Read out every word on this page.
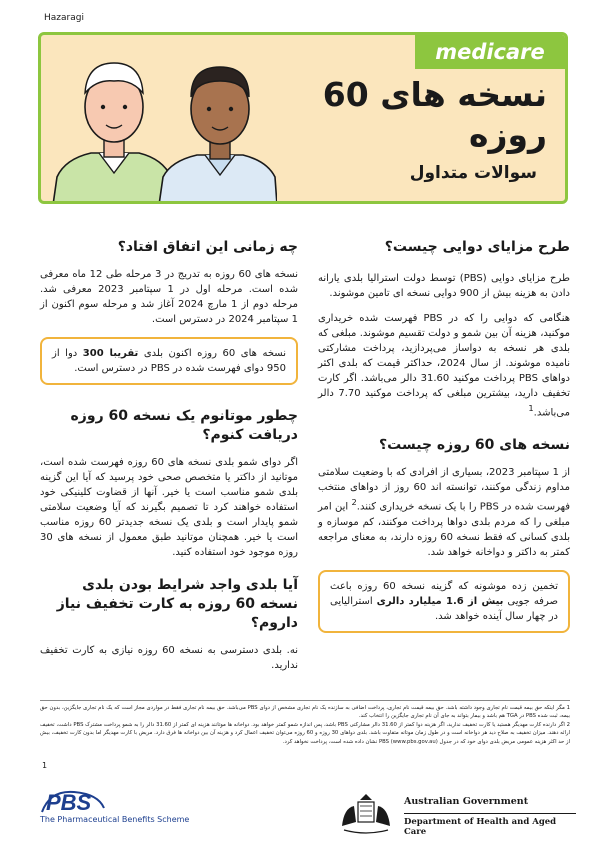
Hazaragi
medicare
نسخه های 60 روزه
سوالات متداول
چه زمانی این اتفاق افتاد؟

نسخه های 60 روزه به تدریج در 3 مرحله طی 12 ماه معرفی شده است. مرحله اول در 1 سپتامبر 2023 معرفی شد. مرحله دوم از 1 مارچ 2024 آغاز شد و مرحله سوم اکنون از 1 سپتامبر 2024 در دسترس است.

نسخه های 60 روزه اکنون بلدی تقریبا 300 دوا از 950 دوای فهرست شده در PBS در دسترس است.
چطور موتانوم یک نسخه 60 روزه دریافت کنوم؟

اگر دوای شمو بلدی نسخه های 60 روزه فهرست شده است، موتانید از داکتر یا متخصص صحی خود پرسید که آیا این گزینه بلدی شمو مناسب است یا خیر. آنها از قضاوت کلینیکی خود استفاده خواهند کرد تا تصمیم بگیرند که آیا وضعیت سلامتی شمو پایدار است و بلدی یک نسخه جدیدتر 60 روزه مناسب است یا خیر. همچنان موتانید طبق معمول از نسخه های 30 روزه موجود خود استفاده کنید.

آیا بلدی واجد شرایط بودن بلدی نسخه 60 روزه به کارت تخفیف نیاز داروم؟

نه. بلدی دسترسی به نسخه 60 روزه نیازی به کارت تخفیف ندارید.

طرح مزایای دوایی چیست؟

طرح مزایای دوایی (PBS) توسط دولت استرالیا بلدی یارانه دادن به هزینه بیش از 900 دوایی نسخه ای تامین موشوند.

هنگامی که دوایی را که در PBS فهرست شده خریداری موکنید، هزینه آن بین شمو و دولت تقسیم موشوند. مبلغی که بلدی هر نسخه به دواساز می‌پردازید، پرداخت مشارکتی نامیده موشوند. از سال 2024، حداکثر قیمت که بلدی اکثر دواهای PBS پرداخت موکنید 31.60 دالر می‌باشد. اگر کارت تخفیف دارید، بیشترین مبلغی که پرداخت موکنید 7.70 دالر می‌باشد.$^1$

نسخه های 60 روزه چیست؟

از 1 سپتامبر 2023، بسیاری از افرادی که با وضعیت سلامتی مداوم زندگی موکنند، توانسته اند 60 روز از دواهای منتخب فهرست شده در PBS را با یک نسخه خریداری کنند.$^2$ این امر مبلغی را که مردم بلدی دواها پرداخت موکنند، کم موسازه و بلدی کسانی که فقط نسخه 60 روزه دارند، به معنای مراجعه کمتر به داکتر و دواخانه خواهد شد.

تخمین زده موشونه که گزینه نسخه 60 روزه باعث صرفه جویی بیش از 1.6 میلیارد دالری استرالیایی در چهار سال آینده خواهد شد.
1 مگر اینکه حق بیمه قیمت نام تجاری وجود داشته باشد. حق بیمه قیمت نام تجاری، پرداخت اضافی به سازنده یک نام تجاری مشخص از دوای PBS می‌باشد. حق بیمه نام تجاری فقط در مواردی مجاز است که یک نام تجاری جایگزین، بدون حق بیمه، ثبت شده PBS در TGA هم باشد و بیمار بتواند به جای آن نام تجاری جایگزین را انتخاب کند.
2 اگر دارنده کارت مهدیگر هستید یا کارت تخفیف ندارید، اگر هزینه دوا کمتر از 31.60 دالر مشارکتی PBS باشد، پس اندازه شمو کمتر خواهد بود. دواخانه ها موتانند هزینه ای کمتر از 31.60 دالر را به شمو پرداخت مشترک PBS داشت، تخفیف ارائه دهند. میزان تخفیف به صلاح دید هر دواخانه است و در طول زمان موتانه متفاوت باشد. بلدی دواهای 30 روزه و 60 روزه می‌توان تخفیف اعمال کرد و هزینه آن بین دواخانه ها فرق دارد. مریض با کارت مهدیگر اما بدون کارت تخفیف، بیش از حد اکثر هزینه عمومی مریض بلدی دوای خود که در جدول PBS (www.pbs.gov.au) نشان داده شده است، پرداخت نخواهد کرد.
1
PBS
The Pharmaceutical Benefits Scheme
Australian Government
Department of Health and Aged Care
